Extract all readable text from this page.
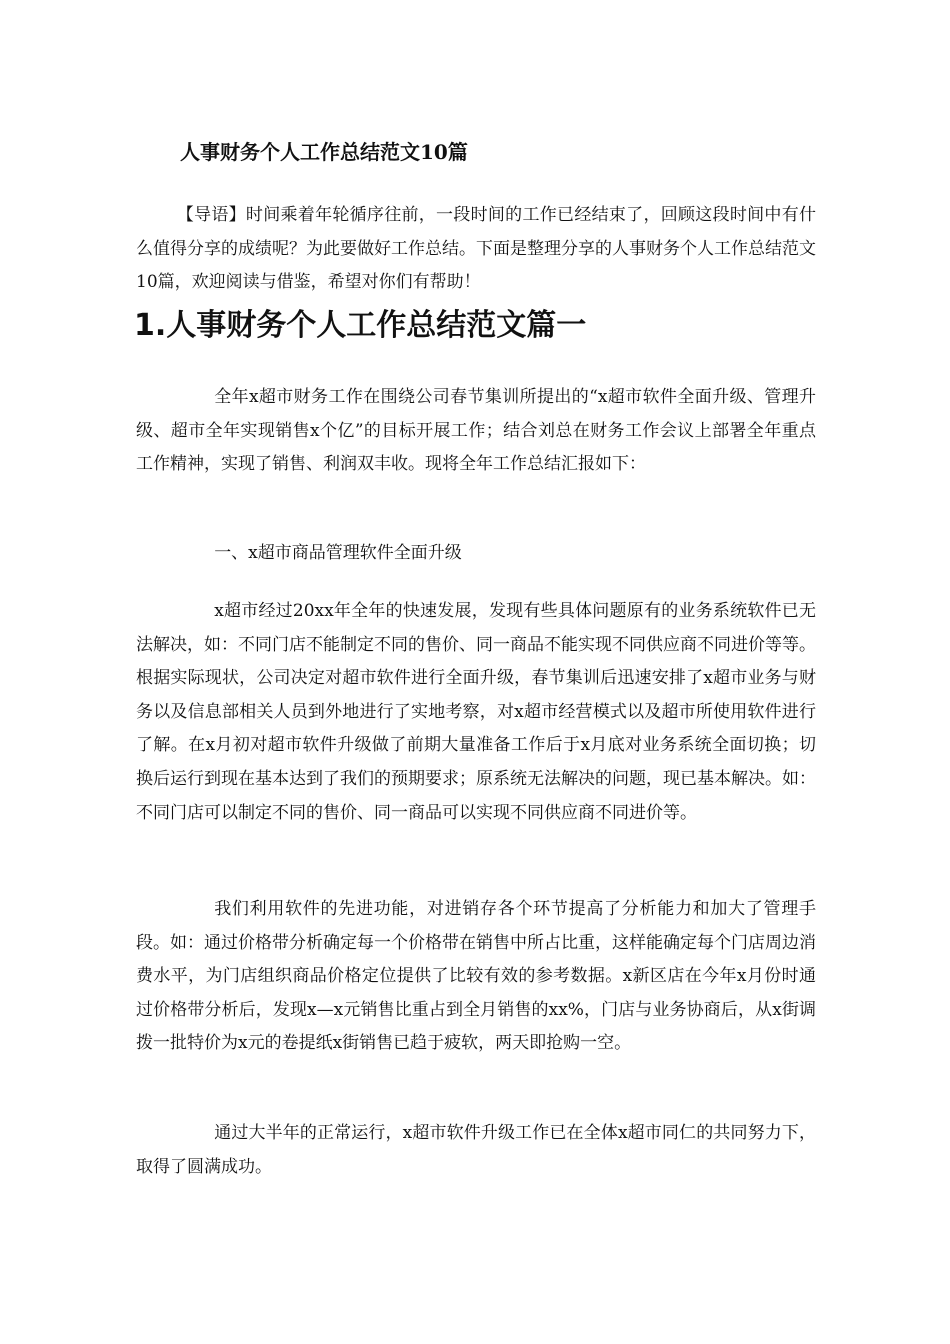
人事财务个人工作总结范文10篇

【导语】时间乘着年轮循序往前，一段时间的工作已经结束了，回顾这段时间中有什么值得分享的成绩呢？为此要做好工作总结。下面是整理分享的人事财务个人工作总结范文10篇，欢迎阅读与借鉴，希望对你们有帮助！

1.人事财务个人工作总结范文篇一

全年x超市财务工作在围绕公司春节集训所提出的“x超市软件全面升级、管理升级、超市全年实现销售x个亿”的目标开展工作；结合刘总在财务工作会议上部署全年重点工作精神，实现了销售、利润双丰收。现将全年工作总结汇报如下：

一、x超市商品管理软件全面升级

x超市经过20xx年全年的快速发展，发现有些具体问题原有的业务系统软件已无法解决，如：不同门店不能制定不同的售价、同一商品不能实现不同供应商不同进价等等。根据实际现状，公司决定对超市软件进行全面升级，春节集训后迅速安排了x超市业务与财务以及信息部相关人员到外地进行了实地考察，对x超市经营模式以及超市所使用软件进行了解。在x月初对超市软件升级做了前期大量准备工作后于x月底对业务系统全面切换；切换后运行到现在基本达到了我们的预期要求；原系统无法解决的问题，现已基本解决。如：不同门店可以制定不同的售价、同一商品可以实现不同供应商不同进价等。

我们利用软件的先进功能，对进销存各个环节提高了分析能力和加大了管理手段。如：通过价格带分析确定每一个价格带在销售中所占比重，这样能确定每个门店周边消费水平，为门店组织商品价格定位提供了比较有效的参考数据。x新区店在今年x月份时通过价格带分析后，发现x—x元销售比重占到全月销售的xx%，门店与业务协商后，从x街调拨一批特价为x元的卷提纸x街销售已趋于疲软，两天即抢购一空。

通过大半年的正常运行，x超市软件升级工作已在全体x超市同仁的共同努力下，取得了圆满成功。
